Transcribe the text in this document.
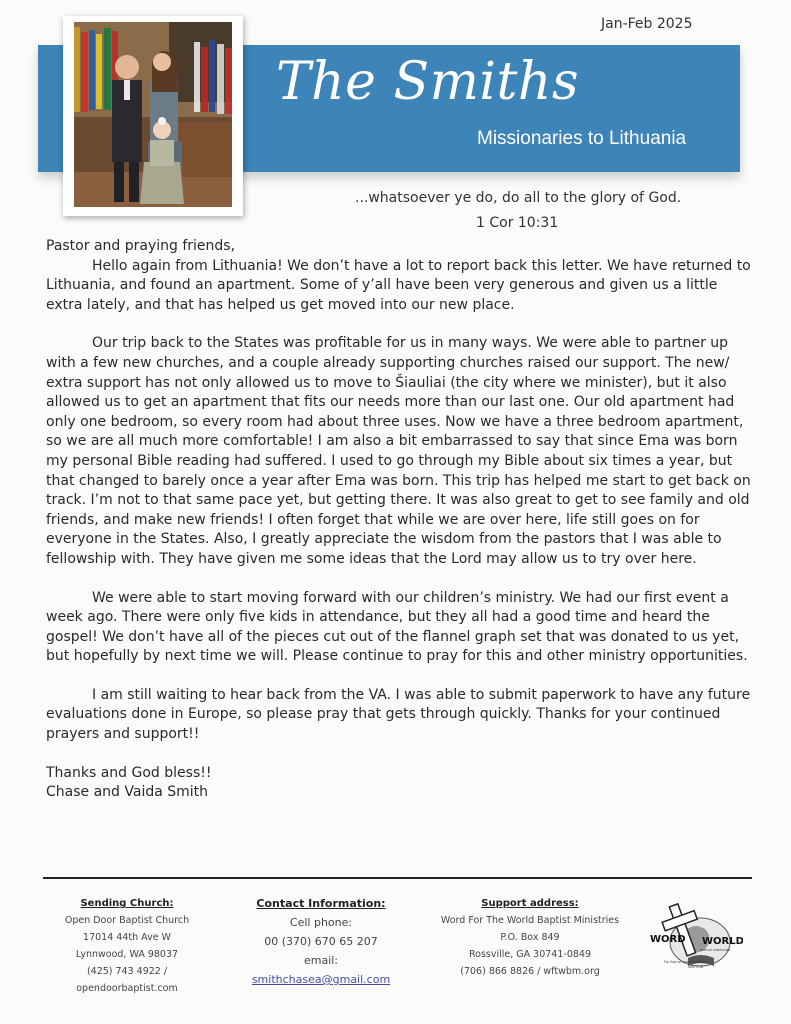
Jan-Feb 2025
The Smiths
Missionaries to Lithuania
...whatsoever ye do, do all to the glory of God.
1 Cor 10:31

Pastor and praying friends,

Hello again from Lithuania! We don’t have a lot to report back this letter. We have returned to Lithuania, and found an apartment. Some of y’all have been very generous and given us a little extra lately, and that has helped us get moved into our new place.

Our trip back to the States was profitable for us in many ways. We were able to partner up with a few new churches, and a couple already supporting churches raised our support. The new/ extra support has not only allowed us to move to Šiauliai (the city where we minister), but it also allowed us to get an apartment that fits our needs more than our last one. Our old apartment had only one bedroom, so every room had about three uses. Now we have a three bedroom apartment, so we are all much more comfortable! I am also a bit embarrassed to say that since Ema was born my personal Bible reading had suffered. I used to go through my Bible about six times a year, but that changed to barely once a year after Ema was born. This trip has helped me start to get back on track. I’m not to that same pace yet, but getting there. It was also great to get to see family and old friends, and make new friends! I often forget that while we are over here, life still goes on for everyone in the States. Also, I greatly appreciate the wisdom from the pastors that I was able to fellowship with. They have given me some ideas that the Lord may allow us to try over here.

We were able to start moving forward with our children’s ministry. We had our first event a week ago. There were only five kids in attendance, but they all had a good time and heard the gospel! We don’t have all of the pieces cut out of the flannel graph set that was donated to us yet, but hopefully by next time we will. Please continue to pray for this and other ministry opportunities.

I am still waiting to hear back from the VA. I was able to submit paperwork to have any future evaluations done in Europe, so please pray that gets through quickly. Thanks for your continued prayers and support!!

Thanks and God bless!!

Chase and Vaida Smith

Sending Church:
Open Door Baptist Church
17014 44th Ave W
Lynnwood, WA 98037
(425) 743 4922 /
opendoorbaptist.com
Contact Information:
Cell phone:
00 (370) 670 65 207
email:
smithchasea@gmail.com
Support address:
Word For The World Baptist Ministries
P.O. Box 849
Rossville, GA 30741-0849
(706) 866 8826 / wftwbm.org
WORD WORLD
BAPTIST MINISTRIES
For God so loved the world
John 3:16
